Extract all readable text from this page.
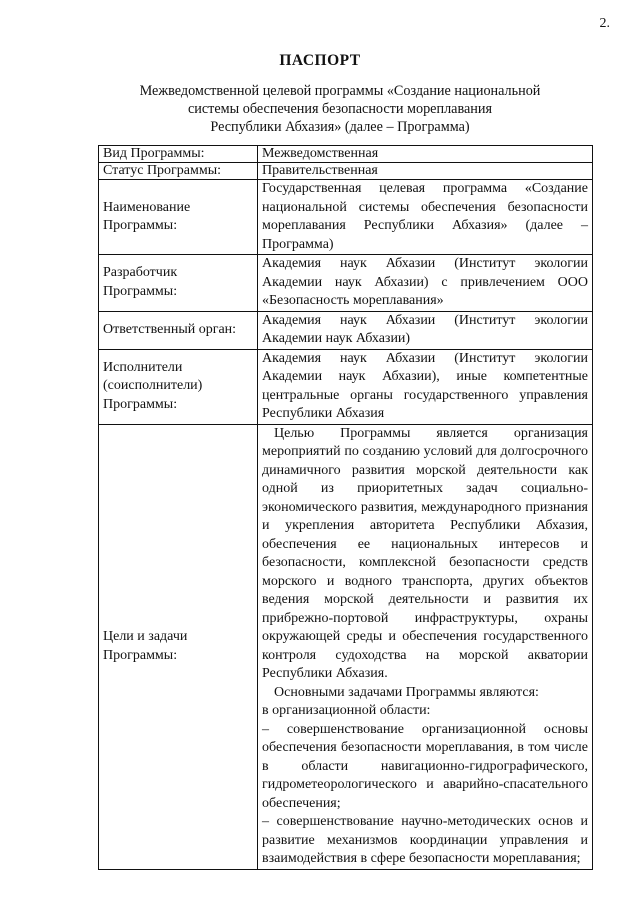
2.
ПАСПОРТ
Межведомственной целевой программы «Создание национальной
системы обеспечения безопасности мореплавания
Республики Абхазия» (далее – Программа)
Вид Программы:	Межведомственная
Статус Программы:	Правительственная
Наименование Программы:	Государственная целевая программа «Создание национальной системы обеспечения безопасности мореплавания Республики Абхазия» (далее – Программа)
Разработчик Программы:	Академия наук Абхазии (Институт экологии Академии наук Абхазии) с привлечением ООО «Безопасность мореплавания»
Ответственный орган:	Академия наук Абхазии (Институт экологии Академии наук Абхазии)
Исполнители (соисполнители) Программы:	Академия наук Абхазии (Институт экологии Академии наук Абхазии), иные компетентные центральные органы государственного управления Республики Абхазия
Цели и задачи Программы:	Целью Программы является организация мероприятий по созданию условий для долгосрочного динамичного развития морской деятельности как одной из приоритетных задач социально-экономического развития, международного признания и укрепления авторитета Республики Абхазия, обеспечения ее национальных интересов и безопасности, комплексной безопасности средств морского и водного транспорта, других объектов ведения морской деятельности и развития их прибрежно-портовой инфраструктуры, охраны окружающей среды и обеспечения государственного контроля судоходства на морской акватории Республики Абхазия.

Основными задачами Программы являются:

в организационной области:

– совершенствование организационной основы обеспечения безопасности мореплавания, в том числе в области навигационно-гидрографического, гидрометеорологического и аварийно-спасательного обеспечения;

– совершенствование научно-методических основ и развитие механизмов координации управления и взаимодействия в сфере безопасности мореплавания;
